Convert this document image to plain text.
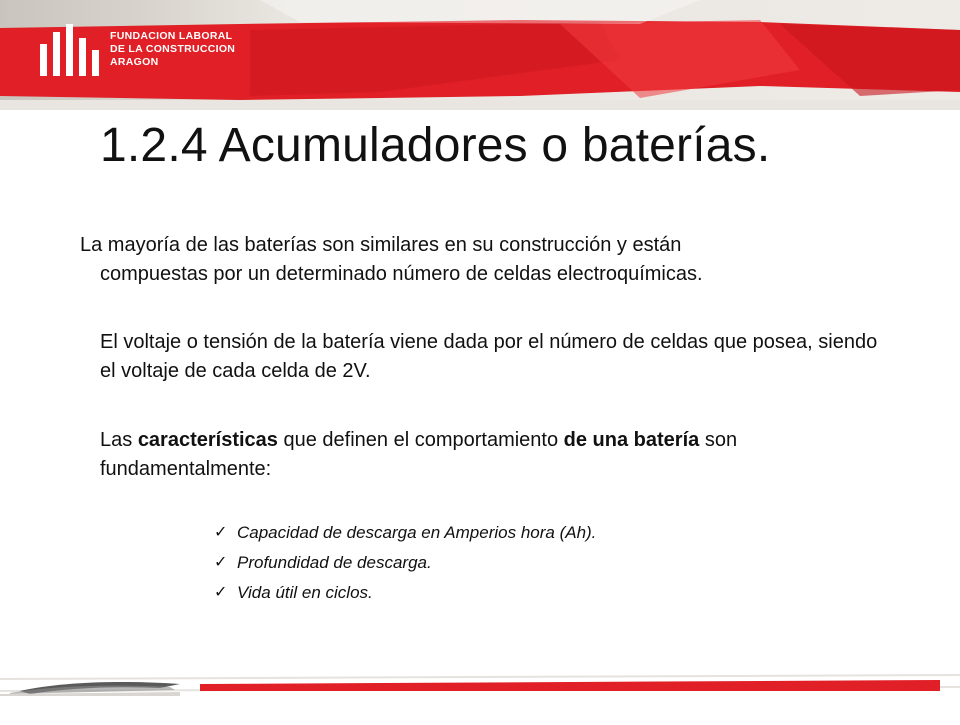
FUNDACION LABORAL
DE LA CONSTRUCCION
ARAGON
1.2.4 Acumuladores o baterías.

La mayoría de las baterías son similares en su construcción y están
compuestas por un determinado número de celdas electroquímicas.

El voltaje o tensión de la batería viene dada por el número de celdas que posea, siendo el voltaje de cada celda de 2V.

Las características que definen el comportamiento de una batería son fundamentalmente:

✓ Capacidad de descarga en Amperios hora (Ah).
✓ Profundidad de descarga.
✓ Vida útil en ciclos.
